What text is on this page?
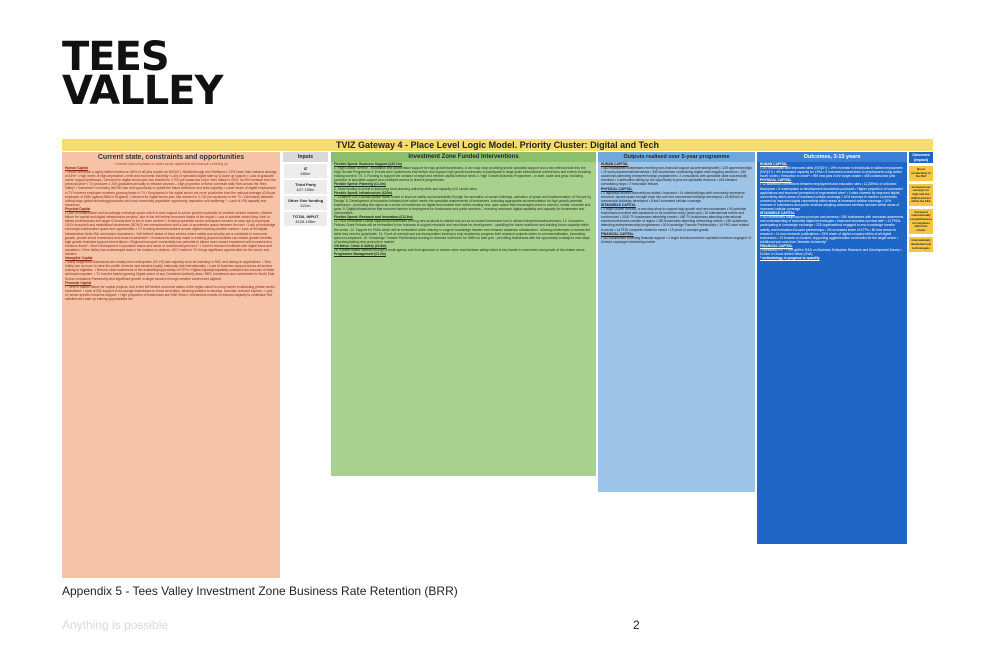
TEES
VALLEY
TVIZ Gateway 4 - Place Level Logic Model. Priority Cluster: Digital and Tech
Current state, constraints and opportunities
* marked have emphasis on wider social capital that will underpin Levelling up

Human Capital

• Sector demands a highly skilled workforce (56% of all jobs require an NVQ4+). Middlesbrough and Hartlepool -13% lower than national average of 43%* • High levels of high deprivation, crime and economic inactivity • Lack of specialist digital start up & scale up support • Lack of graduate career support/pathways • Demand for digital sector jobs has resulted in 2,700 job vacancies in the Tees Valley in 2022, an 8% increase from the previous year* • TU produces 1,200 graduates annually in relevant courses – high proportion of these commute daily from across the Tees Valley* • Investment in industry led R&I has real opportunity to upskill the future workforce and build capacity • Lower share of digital employment in TV however employee numbers growing faster in TV • Employees in the digital sector are more productive than the national average (GVA per employee of £93k against £68k in England) • Demand for digital sector jobs has resulted in 2,700 job vacancies in the TV • Dichotomy between cutting edge global technology/products and local community population opportunity, aspiration and wellbeing * • Lack of LPA capacity and resources

Physical Capital

• Lack of collaboration and knowledge exchange space which is core support to sector growth especially for creative content creators • Market failure for capital and digital infrastructure projects, due to the left behind economic status of the region • Lack of suitable urban living 'vibe' to attract professionals and target i2 businesses to live in town centres* • Existing specialist sector workspace focuses on start ups (Launchpad, 100% occupied) and established businesses (BOHO) are oversubscribed with a lack of accelerator space between the two* • Lack of knowledge exchange/collaboration space and opportunities • TV is losing business leaders across digital including creative content • Lack of 5G/digital infrastructure limits R&I and inward investment • 'Left behind' status of town centres where safety and security are a constraint to economic growth, private sector investment and inward investment* • Investments already made in existing physical facilities can realise greater benefits high growth business support interventions • Regional transport connectivity has potential to attract more inward investment with investment to enhance these* • New Development Corporation status and areas of underdeveloped land * • Current research institutes with digital focus and reputation • Tees Valley has undeveloped land in the location of clusters • 5G Trusted in TV brings significant opportunities for the sector and clusters

Intangible Capital

• Many indigenous businesses are mostly micro enterprises (92.1%) lack capacity such as investing in R&D and taking on apprentices. • Tees Valley can do more to raise the profile of sector and clusters locally, nationally and internationally. • Lack of business support across all sectors looking to digitalise. • Need to raise awareness of the availability/opportunity of KTPs • Digital capacity/capability underpins the success of wider sectors/ecosystem. • TV has the fastest growing Digital sector of any Combined Authority area • BBC investment and commitment to North East Screen Industries Partnership and significant growth in target clusters through creative content and digitech

Financial Capital

• There is market failure for capital projects, due to the left behind economic status of the region which is a key barrier to attracting private sector investment. • Lack of R&I support to encourage businesses to boost innovation, allowing clusters to develop, innovate, test and explore. • Lack of, sector specific business support. • High proportion of businesses are SME /micro / freelancers results in reduced capacity to undertake R&I activities and take up training opportunities etc

Inputs
IZ
£80m
Third Party
£27.155m
Other Gov funding
£21m
TOTAL INPUT
£128.155m
Investment Zone Funded Interventions

Flexible Spend: Business Support (£26.2m)

1. High Growth Service - incubation and acceleration support for high growth businesses. A one stop shop providing sector specialist support and a key referral route into the High Growth Programme 2. Events and Conferences that deliver and support high growth businesses to participate in large scale international conferences and events including hosting some in TV. 3. Funding to support the creation of angel and venture capital investor funds 4. High Growth Business Programme - to start, scale and grow, including provision of specialist support and a tailored access to finance programmes.

Flexible Spend: Planning (£1.4m)

6. Seed funding to invest in improving local planning authority skills and capacity in I2 cluster sites.

Flexible Spend: Infrastructure (£32m)

7. Enhance CRFS funded active travel routes to improve safety and accessibility through the animation of vacant buildings, activation of space and implementation of 'Secure by Design' 8. Development of innovation infrastructure which meets the specialist requirements of businesses -including appropriate accommodation for high growth potential businesses - promoting the region as a centre of excellence for digital and creative tech whilst creating new, open space that encourages users to connect, create, innovate and grow. 9. Digital infrastructure that removes barriers to deployment for businesses and public services – ensuring maximum digital capability and capacity for businesses and communities.

Flexible Spend: Research and Innovation (£11.6m)

11. R&D Innovation Grants supporting businesses to bring new products to market and act as an inward investment tool to attract entrepreneurs/businesses. 12. Innovation Fellows Grant Fellows will be embedded in the business to support research and new ideas for development - upskilling the future workforce and building future capacity within the sector. 13. Support for PhDs which will be embedded within industry to support knowledge transfer and enhance academic collaboration - allowing businesses to access the skills they need to grow/scale. 14. Proof-of-concept and pre-incorporation funding to help academics progress their research projects closer to commercialisation, increasing spinout companies. 15. Knowledge Transfer Partnerships funding to increase incentives for SMEs to take part – providing businesses with the opportunity to adapt to new ways of working/taking new products to market.

Off-Menu: Crime & Safety (£2.6m)

16. a place-based solution through a multi-agency and fund approach to reduce crime and increase safety which is key barrier to investment and growth of the cluster areas.

Programme Management (£3.2m)

Outputs realised over 5-year programme

HUMAN CAPITAL

• 480 established businesses receiving non-financial support (accelerator/growth) • 225 apprenticeships • 20 work placements/internships • 350 businesses undertaking digital road mapping sessions • 180 academics attending entrepreneurship programmes • 2 consultants with specialist skills successfully recruited • 4 authorities taking up the opportunity to procure specialist resource • 444 blended consultancy days • 3 innovation fellows

PHYSICAL CAPITAL

• 2 highways access interventions added / improved • 14 sites/buildings with community severance removed, vacant space brought back into use and commercial buildings developed • 24,960m2 of commercial buildings developed • 8 km2 increased cellular coverage

INTANGIBLE CAPITAL

• 1 High Growth Service, a one-stop-shop to support high growth and new businesses • 90 potential businesses provided with assistance to be business ready (start-ups) • 10 international events and conferences • 2000 TV businesses attending events • 450 TV businesses attending international events/conferences outside of region • 250 businesses attending networking events • 180 academics attending entrepreneurship programmes • 50 Knowledge Transfer Partnerships • 16 PHD start related to sector • 14 PHD complete related to sector • 15 proof of concept grants

FINANCIAL CAPITAL

• 350 businesses receiving financial support • 4 angel investors/venture capitalist investors engaged • 5 Venture cap/angel networking events

Outcomes, 3-15 years

HUMAN CAPITAL

• 257 individuals with improved skills (NVQ3+) • 19% increase in individuals in skilled employment (NVQ3+) • 4% increased capacity for LPAs • 8 increased connections to employment using active travel routes • Reduction in crime* • 990 new jobs in the target cluster • 455 construction jobs

PHYSICAL CAPITAL

• 12 additional connections between employment and education sites • 12,289m2 of unlocked floorspace • 8 masterplans or development documents produced • Higher proportion of successful applications and improved perception of regenerated area* • 4 sites covered by improved digital connectivity within areas of increased cellular coverage • 10% increase in number of premises covered by improved digital connectivity within areas of increased cellular coverage • 10% increase in businesses and public services adopting advanced wireless services within areas of increased cellular coverage

INTANGIBLE CAPITAL

• 400 businesses adopting new products and services • 350 businesses with increased awareness and understanding of industrial digital technologies • Improved business survival rate* • 12 PhDs participating in knowledge exchange • 225 organisations engaged in new knowledge transfer activity and innovation focused partnerships • 4% increased share of KTPs • 80 new areas for research • 14 new research publications • 25% share of digital company births of all digital businesses • 15 tenants co-located, supporting agglomeration economics for the target sector • Additional spin outs from Teesside University*

FINANCIAL CAPITAL

• Increased FDI * • 9% uplift in R&D on Business Enterprise Research and Development Survey • £145m in Gross Added Value (GVA)

* methodology in progress to quantify

Outcomes
(Impact)
Boost productivity in the FEA
Increased real earnings for high and low skilled workers within the FEA
Increased internationally competitiveness of companies within the cluster
Internationally demanded new technologies
Appendix 5 - Tees Valley Investment Zone Business Rate Retention (BRR)
Anything is possible	2
